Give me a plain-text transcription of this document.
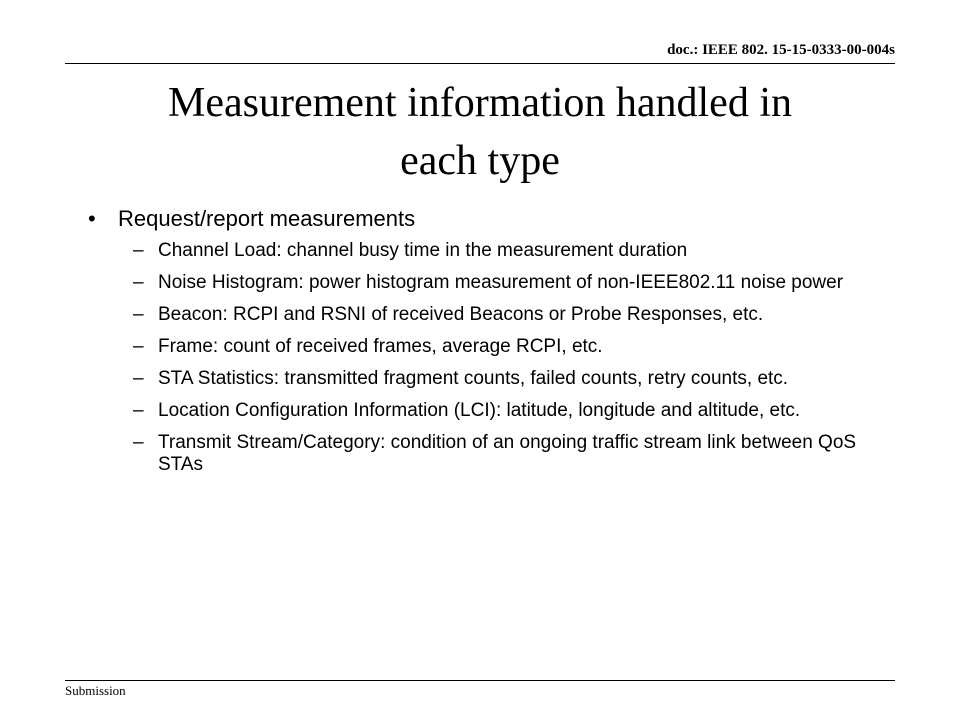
doc.: IEEE 802. 15-15-0333-00-004s
Measurement information handled in
each type
•	Request/report measurements
– Channel Load: channel busy time in the measurement duration
– Noise Histogram: power histogram measurement of non-IEEE802.11 noise power
– Beacon: RCPI and RSNI of received Beacons or Probe Responses, etc.
– Frame: count of received frames, average RCPI, etc.
– STA Statistics: transmitted fragment counts, failed counts, retry counts, etc.
– Location Configuration Information (LCI): latitude, longitude and altitude, etc.
– Transmit Stream/Category: condition of an ongoing traffic stream link between QoS STAs
Submission
